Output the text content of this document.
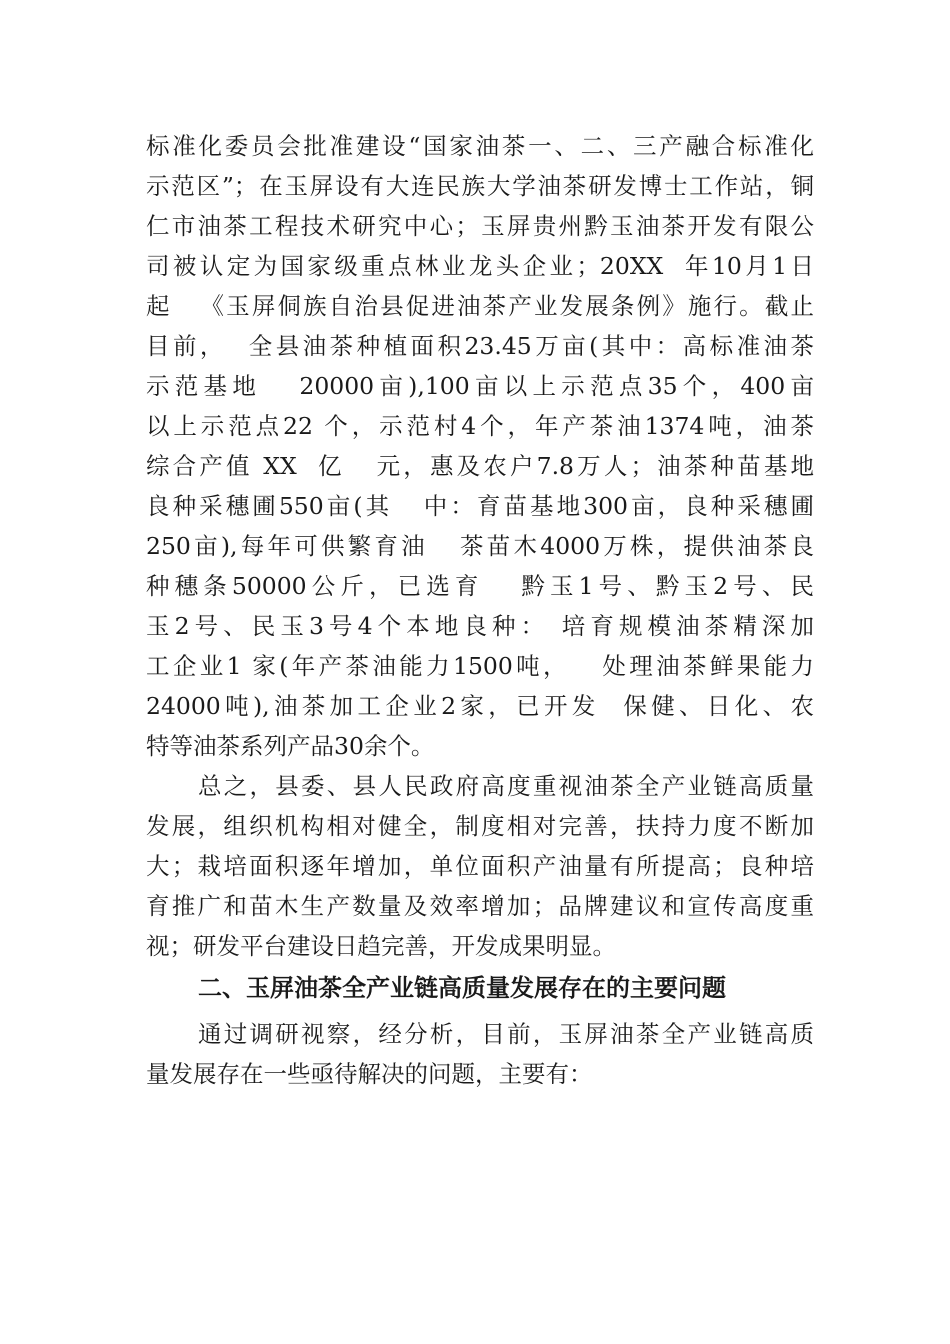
标准化委员会批准建设“国家油茶一、二、三产融合标准化
示范区”；在玉屏设有大连民族大学油茶研发博士工作站，铜
仁市油茶工程技术研究中心；玉屏贵州黔玉油茶开发有限公
司被认定为国家级重点林业龙头企业；20XX  年10月1日
起   《玉屏侗族自治县促进油茶产业发展条例》施行。截止
目前，  全县油茶种植面积23.45万亩(其中：高标准油茶
示范基地   20000亩),100亩以上示范点35个，400亩
以上示范点22 个，示范村4个，年产茶油1374吨，油茶
综合产值 XX  亿   元，惠及农户7.8万人；油茶种苗基地
良种采穗圃550亩(其   中：育苗基地300亩，良种采穗圃
250亩),每年可供繁育油   茶苗木4000万株，提供油茶良
种穗条50000公斤，已选育   黔玉1号、黔玉2号、民
玉2号、民玉3号4个本地良种： 培育规模油茶精深加
工企业1 家(年产茶油能力1500吨，   处理油茶鲜果能力
24000吨),油茶加工企业2家，已开发  保健、日化、农
特等油茶系列产品30余个。
总之，县委、县人民政府高度重视油茶全产业链高质量
发展，组织机构相对健全，制度相对完善，扶持力度不断加
大；栽培面积逐年增加，单位面积产油量有所提高；良种培
育推广和苗木生产数量及效率增加；品牌建议和宣传高度重
视；研发平台建设日趋完善，开发成果明显。
二、玉屏油茶全产业链高质量发展存在的主要问题
通过调研视察，经分析，目前，玉屏油茶全产业链高质
量发展存在一些亟待解决的问题，主要有：
